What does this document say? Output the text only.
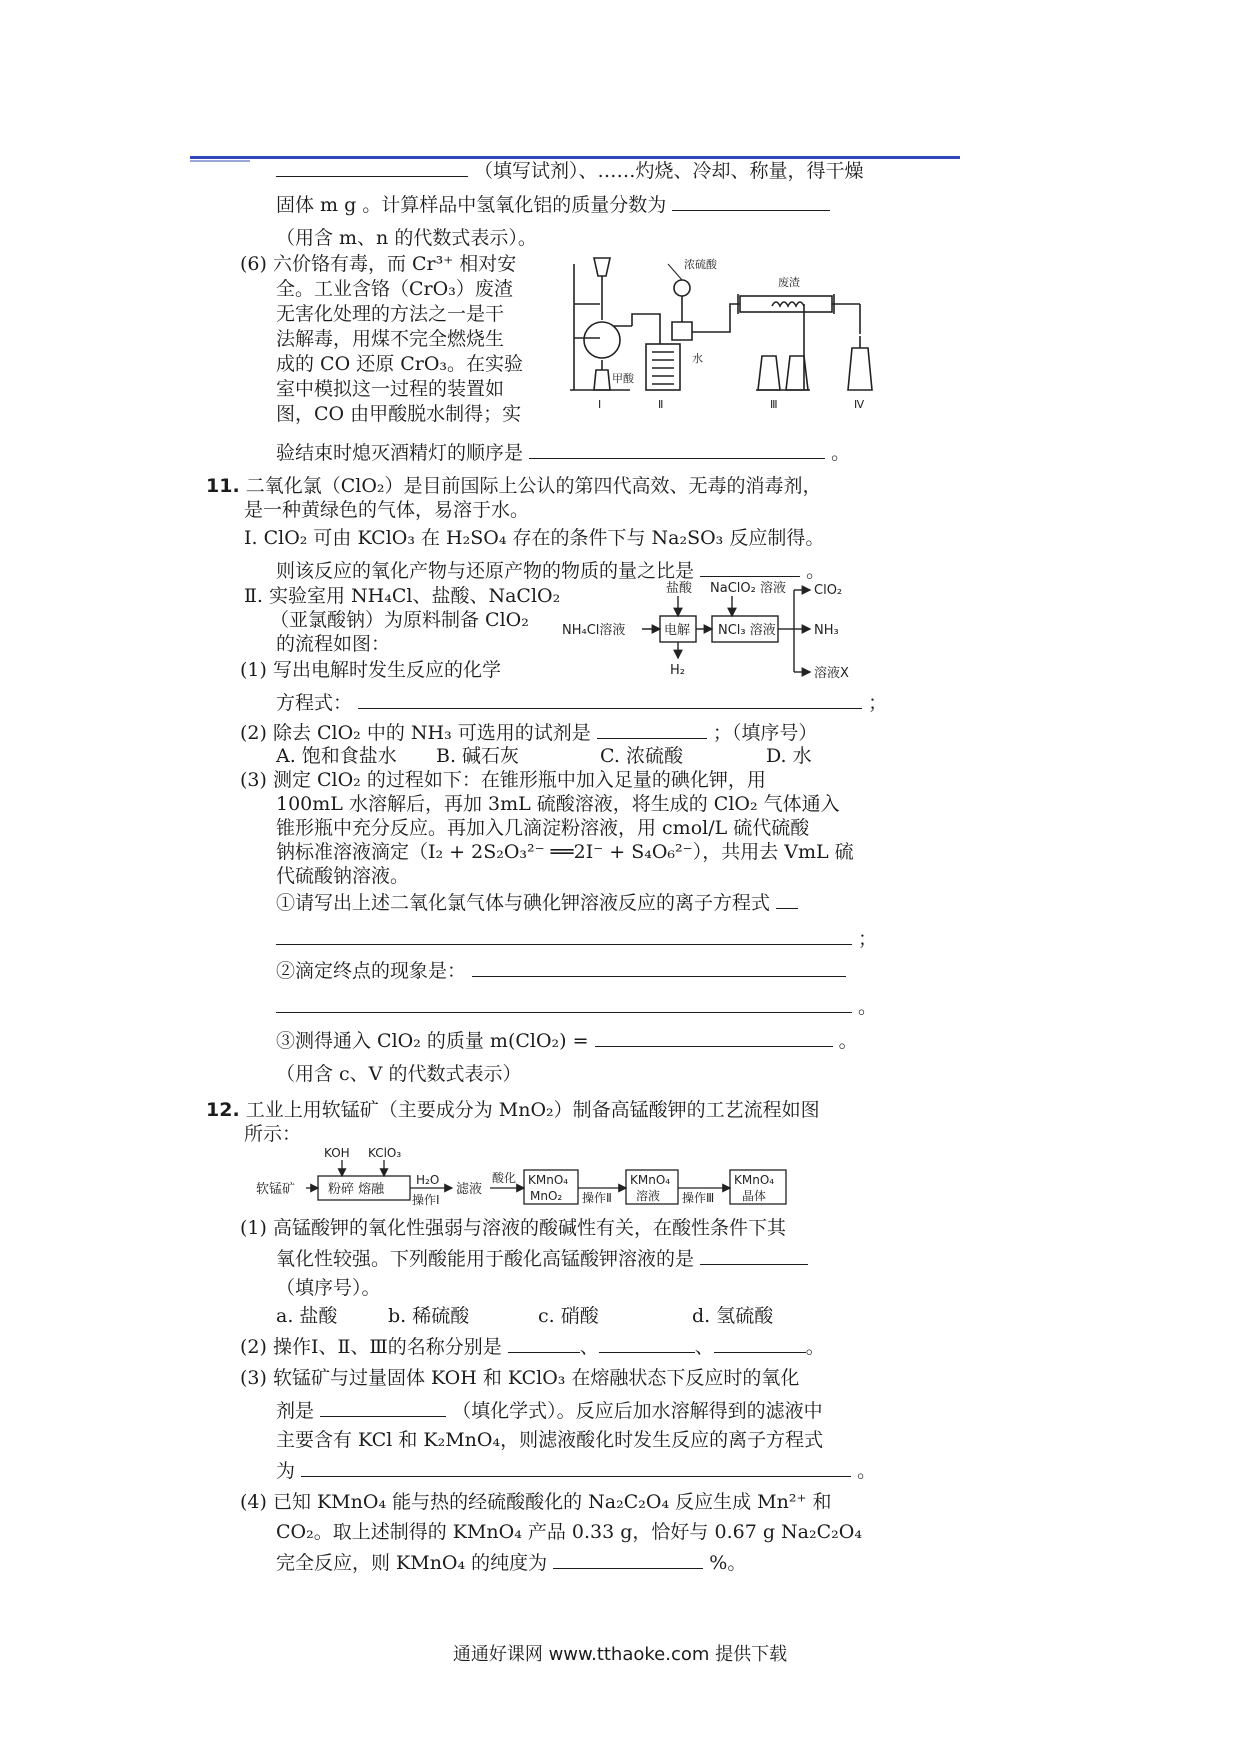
（填写试剂）、……灼烧、冷却、称量，得干燥
固体 m g 。计算样品中氢氧化铝的质量分数为
（用含 m、n 的代数式表示）。
(6) 六价铬有毒，而 Cr³⁺ 相对安
全。工业含铬（CrO₃）废渣
无害化处理的方法之一是干
法解毒，用煤不完全燃烧生
成的 CO 还原 CrO₃。在实验
室中模拟这一过程的装置如
图，CO 由甲酸脱水制得；实
验结束时熄灭酒精灯的顺序是	。
浓硫酸
废渣
甲酸
水
Ⅰ	Ⅱ	Ⅲ	Ⅳ
11. 二氧化氯（ClO₂）是目前国际上公认的第四代高效、无毒的消毒剂，
是一种黄绿色的气体，易溶于水。
Ⅰ. ClO₂ 可由 KClO₃ 在 H₂SO₄ 存在的条件下与 Na₂SO₃ 反应制得。
则该反应的氧化产物与还原产物的物质的量之比是	。
Ⅱ. 实验室用 NH₄Cl、盐酸、NaClO₂
（亚氯酸钠）为原料制备 ClO₂
的流程如图：
(1) 写出电解时发生反应的化学
方程式：	；
盐酸 NaClO₂ 溶液
NH₄Cl溶液	电解 NCl₃ 溶液
H₂
ClO₂
NH₃
溶液X
(2) 除去 ClO₂ 中的 NH₃ 可选用的试剂是	；（填序号）
A. 饱和食盐水 B. 碱石灰	C. 浓硫酸	D. 水
(3) 测定 ClO₂ 的过程如下：在锥形瓶中加入足量的碘化钾，用
100mL 水溶解后，再加 3mL 硫酸溶液，将生成的 ClO₂ 气体通入
锥形瓶中充分反应。再加入几滴淀粉溶液，用 cmol/L 硫代硫酸
钠标准溶液滴定（I₂ + 2S₂O₃²⁻ ══2I⁻ + S₄O₆²⁻），共用去 VmL 硫
代硫酸钠溶液。
①请写出上述二氧化氯气体与碘化钾溶液反应的离子方程式
；
②滴定终点的现象是：
。
③测得通入 ClO₂ 的质量 m(ClO₂) =	。
（用含 c、V 的代数式表示）
12. 工业上用软锰矿（主要成分为 MnO₂）制备高锰酸钾的工艺流程如图
所示：
软锰矿
KOH KClO₃
粉碎 熔融
H₂O
操作Ⅰ
滤液
酸化 KMnO₄
MnO₂ 操作Ⅱ
KMnO₄
溶液 操作Ⅲ
KMnO₄
晶体
(1) 高锰酸钾的氧化性强弱与溶液的酸碱性有关，在酸性条件下其
氧化性较强。下列酸能用于酸化高锰酸钾溶液的是
（填序号）。
a. 盐酸	b. 稀硫酸	c. 硝酸	d. 氢硫酸
(2) 操作Ⅰ、Ⅱ、Ⅲ的名称分别是	、	、	。
(3) 软锰矿与过量固体 KOH 和 KClO₃ 在熔融状态下反应时的氧化
剂是	（填化学式）。反应后加水溶解得到的滤液中
主要含有 KCl 和 K₂MnO₄，则滤液酸化时发生反应的离子方程式
为	。
(4) 已知 KMnO₄ 能与热的经硫酸酸化的 Na₂C₂O₄ 反应生成 Mn²⁺ 和
CO₂。取上述制得的 KMnO₄ 产品 0.33 g，恰好与 0.67 g Na₂C₂O₄
完全反应，则 KMnO₄ 的纯度为	%。
通通好课网 www.tthaoke.com 提供下载
